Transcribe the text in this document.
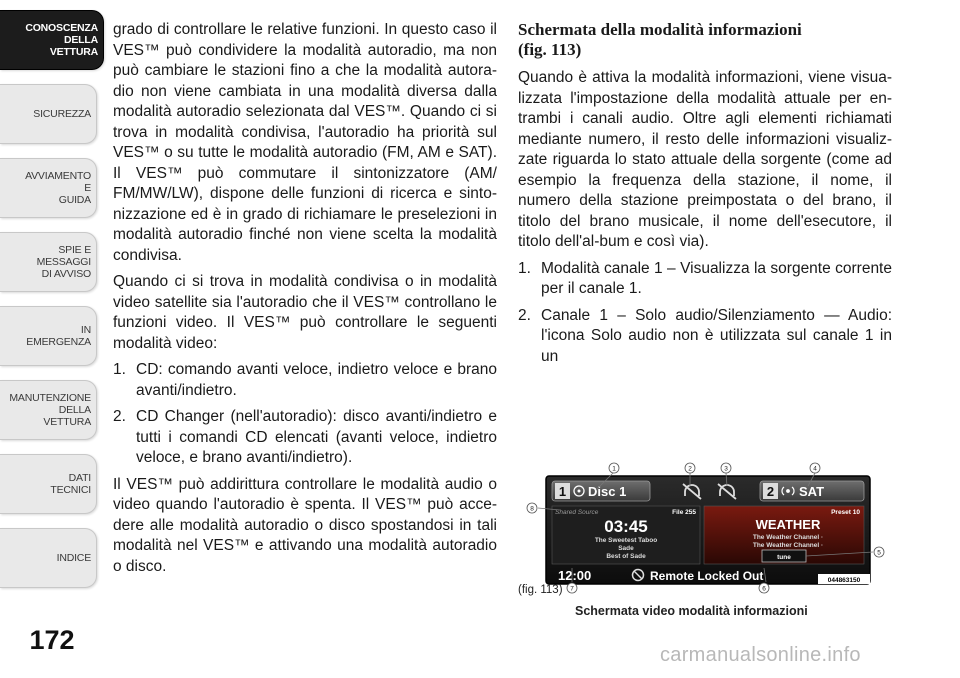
CONOSCENZA
DELLA
VETTURA
SICUREZZA
AVVIAMENTO
E
GUIDA
SPIE E
MESSAGGI
DI AVVISO
IN
EMERGENZA
MANUTENZIONE
DELLA
VETTURA
DATI
TECNICI
INDICE
172

grado di controllare le relative funzioni. In questo caso il VES™ può condividere la modalità autoradio, ma non può cambiare le stazioni fino a che la modalità autora-dio non viene cambiata in una modalità diversa dalla modalità autoradio selezionata dal VES™. Quando ci si trova in modalità condivisa, l'autoradio ha priorità sul VES™ o su tutte le modalità autoradio (FM, AM e SAT). Il VES™ può commutare il sintonizzatore (AM/ FM/MW/LW), dispone delle funzioni di ricerca e sinto-nizzazione ed è in grado di richiamare le preselezioni in modalità autoradio finché non viene scelta la modalità condivisa.

Quando ci si trova in modalità condivisa o in modalità video satellite sia l'autoradio che il VES™ controllano le funzioni video. Il VES™ può controllare le seguenti modalità video:

1. CD: comando avanti veloce, indietro veloce e brano avanti/indietro.
2. CD Changer (nell'autoradio): disco avanti/indietro e tutti i comandi CD elencati (avanti veloce, indietro veloce, e brano avanti/indietro).

Il VES™ può addirittura controllare le modalità audio o video quando l'autoradio è spenta. Il VES™ può acce-dere alle modalità autoradio o disco spostandosi in tali modalità nel VES™ e attivando una modalità autoradio o disco.

Schermata della modalità informazioni
(fig. 113)

Quando è attiva la modalità informazioni, viene visua-lizzata l'impostazione della modalità attuale per en-trambi i canali audio. Oltre agli elementi richiamati mediante numero, il resto delle informazioni visualiz-zate riguarda lo stato attuale della sorgente (come ad esempio la frequenza della stazione, il nome, il numero della stazione preimpostata o del brano, il titolo del brano musicale, il nome dell'esecutore, il titolo dell'al-bum e così via).

1. Modalità canale 1 – Visualizza la sorgente corrente per il canale 1.
2. Canale 1 – Solo audio/Silenziamento — Audio: l'icona Solo audio non è utilizzata sul canale 1 in un
1 Disc 1	2 SAT
Shared Source	File 255
03:45
The Sweetest Taboo
Sade
Best of Sade
Preset 10
WEATHER
The Weather Channel ·
The Weather Channel ·
tune
12:00	Remote Locked Out	044863150
1	2	3	4
5
6
7
8
(fig. 113)
Schermata video modalità informazioni
carmanualsonline.info
